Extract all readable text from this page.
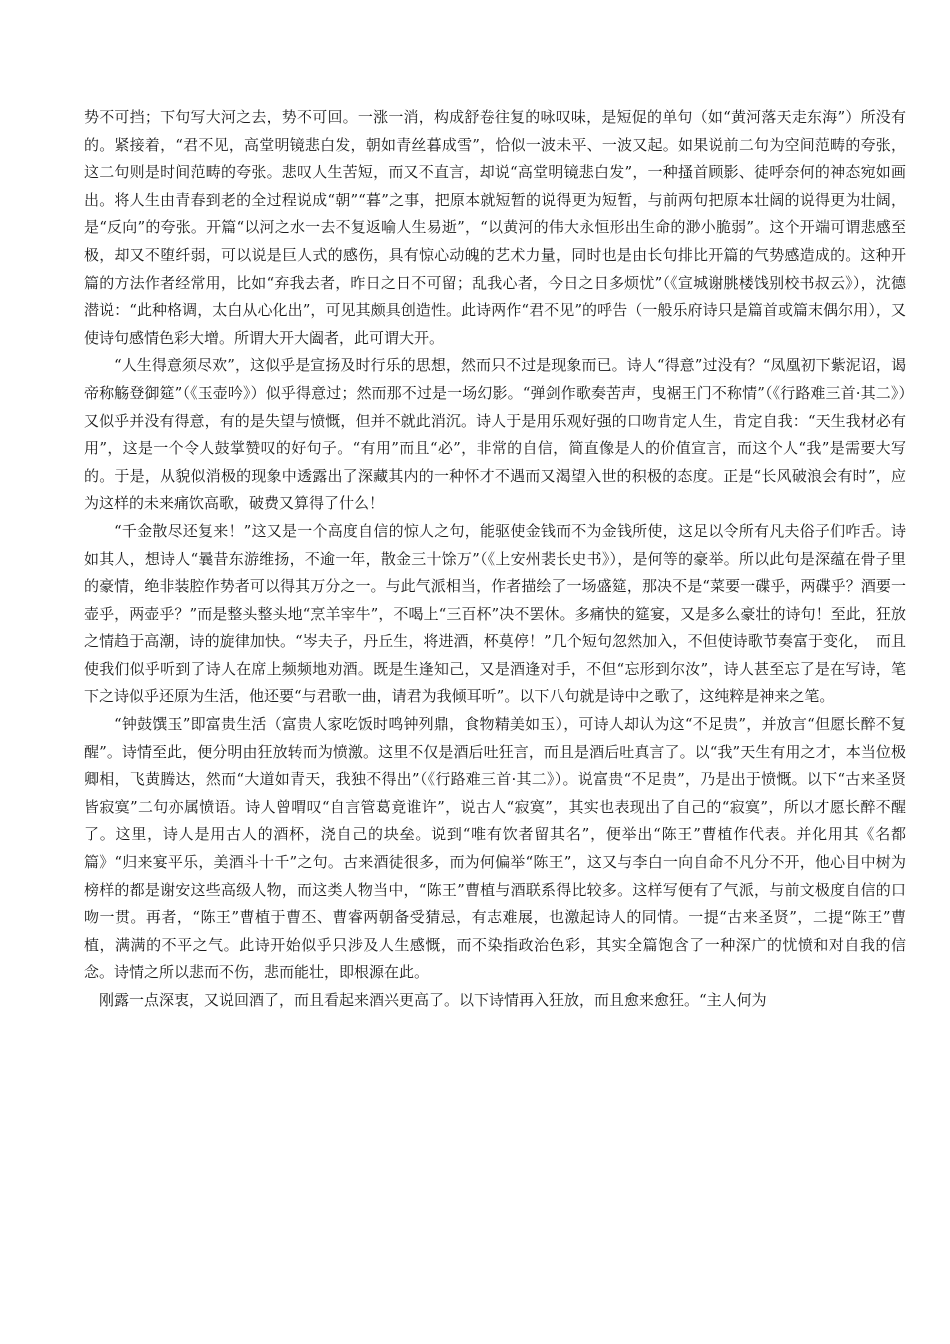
势不可挡；下句写大河之去，势不可回。一涨一消，构成舒卷往复的咏叹味，是短促的单句（如“黄河落天走东海”）所没有的。紧接着，“君不见，高堂明镜悲白发，朝如青丝暮成雪”，恰似一波未平、一波又起。如果说前二句为空间范畴的夸张，这二句则是时间范畴的夸张。悲叹人生苦短，而又不直言，却说“高堂明镜悲白发”，一种搔首顾影、徒呼奈何的神态宛如画出。将人生由青春到老的全过程说成“朝”“暮”之事，把原本就短暂的说得更为短暂，与前两句把原本壮阔的说得更为壮阔，是“反向”的夸张。开篇“以河之水一去不复返喻人生易逝”，“以黄河的伟大永恒形出生命的渺小脆弱”。这个开端可谓悲感至极，却又不堕纤弱，可以说是巨人式的感伤，具有惊心动魄的艺术力量，同时也是由长句排比开篇的气势感造成的。这种开篇的方法作者经常用，比如“弃我去者，昨日之日不可留；乱我心者，今日之日多烦忧”（《宣城谢朓楼饯别校书叔云》），沈德潜说：“此种格调，太白从心化出”，可见其颇具创造性。此诗两作“君不见”的呼告（一般乐府诗只是篇首或篇末偶尔用），又使诗句感情色彩大增。所谓大开大阖者，此可谓大开。

“人生得意须尽欢”，这似乎是宣扬及时行乐的思想，然而只不过是现象而已。诗人“得意”过没有？“凤凰初下紫泥诏，谒帝称觞登御筵”（《玉壶吟》）似乎得意过；然而那不过是一场幻影。“弹剑作歌奏苦声，曳裾王门不称情”（《行路难三首·其二》）又似乎并没有得意，有的是失望与愤慨，但并不就此消沉。诗人于是用乐观好强的口吻肯定人生，肯定自我：“天生我材必有用”，这是一个令人鼓掌赞叹的好句子。“有用”而且“必”，非常的自信，简直像是人的价值宣言，而这个人“我”是需要大写的。于是，从貌似消极的现象中透露出了深藏其内的一种怀才不遇而又渴望入世的积极的态度。正是“长风破浪会有时”，应为这样的未来痛饮高歌，破费又算得了什么！

“千金散尽还复来！”这又是一个高度自信的惊人之句，能驱使金钱而不为金钱所使，这足以令所有凡夫俗子们咋舌。诗如其人，想诗人“曩昔东游维扬，不逾一年，散金三十馀万”（《上安州裴长史书》），是何等的豪举。所以此句是深蕴在骨子里的豪情，绝非装腔作势者可以得其万分之一。与此气派相当，作者描绘了一场盛筵，那决不是“菜要一碟乎，两碟乎？酒要一壶乎，两壶乎？”而是整头整头地“烹羊宰牛”，不喝上“三百杯”决不罢休。多痛快的筵宴，又是多么豪壮的诗句！至此，狂放之情趋于高潮，诗的旋律加快。“岑夫子，丹丘生，将进酒，杯莫停！”几个短句忽然加入，不但使诗歌节奏富于变化，　而且使我们似乎听到了诗人在席上频频地劝酒。既是生逢知己，又是酒逢对手，不但“忘形到尔汝”，诗人甚至忘了是在写诗，笔下之诗似乎还原为生活，他还要“与君歌一曲，请君为我倾耳听”。以下八句就是诗中之歌了，这纯粹是神来之笔。

“钟鼓馔玉”即富贵生活（富贵人家吃饭时鸣钟列鼎，食物精美如玉），可诗人却认为这“不足贵”，并放言“但愿长醉不复醒”。诗情至此，便分明由狂放转而为愤激。这里不仅是酒后吐狂言，而且是酒后吐真言了。以“我”天生有用之才，本当位极卿相，飞黄腾达，然而“大道如青天，我独不得出”（《行路难三首·其二》）。说富贵“不足贵”，乃是出于愤慨。以下“古来圣贤皆寂寞”二句亦属愤语。诗人曾喟叹“自言管葛竟谁许”，说古人“寂寞”，其实也表现出了自己的“寂寞”，所以才愿长醉不醒了。这里，诗人是用古人的酒杯，浇自己的块垒。说到“唯有饮者留其名”，便举出“陈王”曹植作代表。并化用其《名都篇》“归来宴平乐，美酒斗十千”之句。古来酒徒很多，而为何偏举“陈王”，这又与李白一向自命不凡分不开，他心目中树为榜样的都是谢安这些高级人物，而这类人物当中，“陈王”曹植与酒联系得比较多。这样写便有了气派，与前文极度自信的口吻一贯。再者，“陈王”曹植于曹丕、曹睿两朝备受猜忌，有志难展，也激起诗人的同情。一提“古来圣贤”，二提“陈王”曹植，满满的不平之气。此诗开始似乎只涉及人生感慨，而不染指政治色彩，其实全篇饱含了一种深广的忧愤和对自我的信念。诗情之所以悲而不伤，悲而能壮，即根源在此。

刚露一点深衷，又说回酒了，而且看起来酒兴更高了。以下诗情再入狂放，而且愈来愈狂。“主人何为
